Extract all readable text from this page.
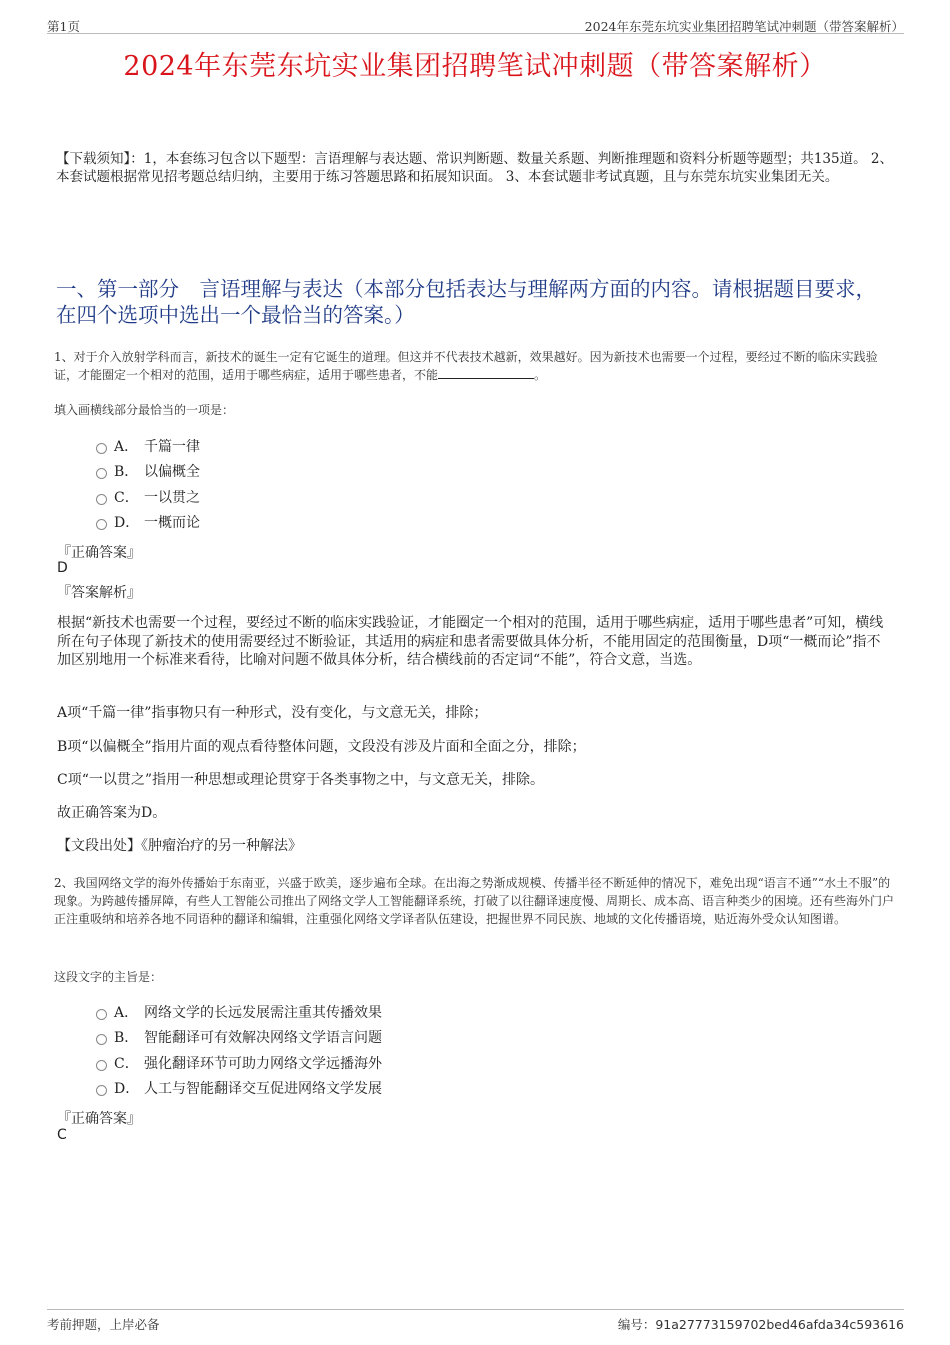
第1页	2024年东莞东坑实业集团招聘笔试冲刺题（带答案解析）
2024年东莞东坑实业集团招聘笔试冲刺题（带答案解析）
【下载须知】：1，本套练习包含以下题型：言语理解与表达题、常识判断题、数量关系题、判断推理题和资料分析题等题型；共135道。 2、本套试题根据常见招考题总结归纳，主要用于练习答题思路和拓展知识面。 3、本套试题非考试真题，且与东莞东坑实业集团无关。
一、第一部分　言语理解与表达（本部分包括表达与理解两方面的内容。请根据题目要求，在四个选项中选出一个最恰当的答案。）
1、对于介入放射学科而言，新技术的诞生一定有它诞生的道理。但这并不代表技术越新，效果越好。因为新技术也需要一个过程，要经过不断的临床实践验证，才能圈定一个相对的范围，适用于哪些病症，适用于哪些患者，不能	。
填入画横线部分最恰当的一项是：
A． 千篇一律
B． 以偏概全
C． 一以贯之
D． 一概而论
『正确答案』
D
『答案解析』
根据“新技术也需要一个过程，要经过不断的临床实践验证，才能圈定一个相对的范围，适用于哪些病症，适用于哪些患者”可知，横线所在句子体现了新技术的使用需要经过不断验证，其适用的病症和患者需要做具体分析，不能用固定的范围衡量，D项“一概而论”指不加区别地用一个标准来看待，比喻对问题不做具体分析，结合横线前的否定词“不能”，符合文意，当选。
A项“千篇一律”指事物只有一种形式，没有变化，与文意无关，排除；
B项“以偏概全”指用片面的观点看待整体问题，文段没有涉及片面和全面之分，排除；
C项“一以贯之”指用一种思想或理论贯穿于各类事物之中，与文意无关，排除。
故正确答案为D。
【文段出处】《肿瘤治疗的另一种解法》
2、我国网络文学的海外传播始于东南亚，兴盛于欧美，逐步遍布全球。在出海之势渐成规模、传播半径不断延伸的情况下，难免出现“语言不通”“水土不服”的现象。为跨越传播屏障，有些人工智能公司推出了网络文学人工智能翻译系统，打破了以往翻译速度慢、周期长、成本高、语言种类少的困境。还有些海外门户正注重吸纳和培养各地不同语种的翻译和编辑，注重强化网络文学译者队伍建设，把握世界不同民族、地域的文化传播语境，贴近海外受众认知图谱。
这段文字的主旨是：
A． 网络文学的长远发展需注重其传播效果
B． 智能翻译可有效解决网络文学语言问题
C． 强化翻译环节可助力网络文学远播海外
D． 人工与智能翻译交互促进网络文学发展
『正确答案』
C
考前押题，上岸必备	编号：91a27773159702bed46afda34c593616
